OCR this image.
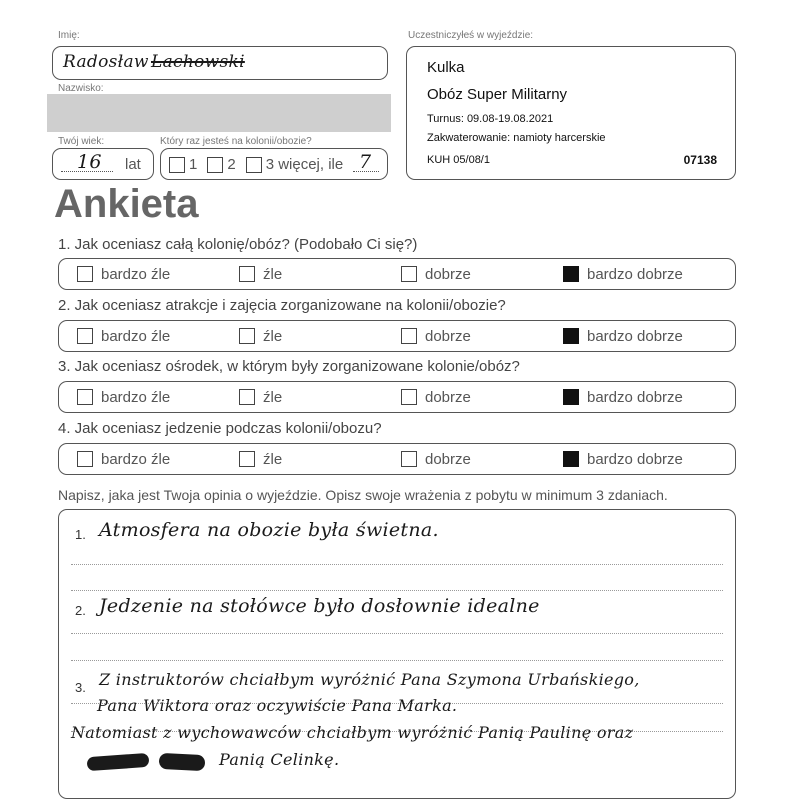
Imię:
Radosław Lachowski
Nazwisko:
Twój wiek:
16 lat
Który raz jesteś na kolonii/obozie?
1 2 3 więcej, ile 7
Uczestniczyłeś w wyjeździe:
Kulka
Obóz Super Militarny
Turnus: 09.08-19.08.2021
Zakwaterowanie: namioty harcerskie
KUH 05/08/1	07138
Ankieta
1. Jak oceniasz całą kolonię/obóz? (Podobało Ci się?)
bardzo źle	źle	dobrze	bardzo dobrze
2. Jak oceniasz atrakcje i zajęcia zorganizowane na kolonii/obozie?
bardzo źle	źle	dobrze	bardzo dobrze
3. Jak oceniasz ośrodek, w którym były zorganizowane kolonie/obóz?
bardzo źle	źle	dobrze	bardzo dobrze
4. Jak oceniasz jedzenie podczas kolonii/obozu?
bardzo źle	źle	dobrze	bardzo dobrze
Napisz, jaka jest Twoja opinia o wyjeździe. Opisz swoje wrażenia z pobytu w minimum 3 zdaniach.
1. Atmosfera na obozie była świetna.
2. Jedzenie na stołówce było dosłownie idealne
3. Z instruktorów chciałbym wyróżnić Pana Szymona Urbańskiego,
Pana Wiktora oraz oczywiście Pana Marka.
Natomiast z wychowawców chciałbym wyróżnić Panią Paulinę oraz
Panią Celinkę.
